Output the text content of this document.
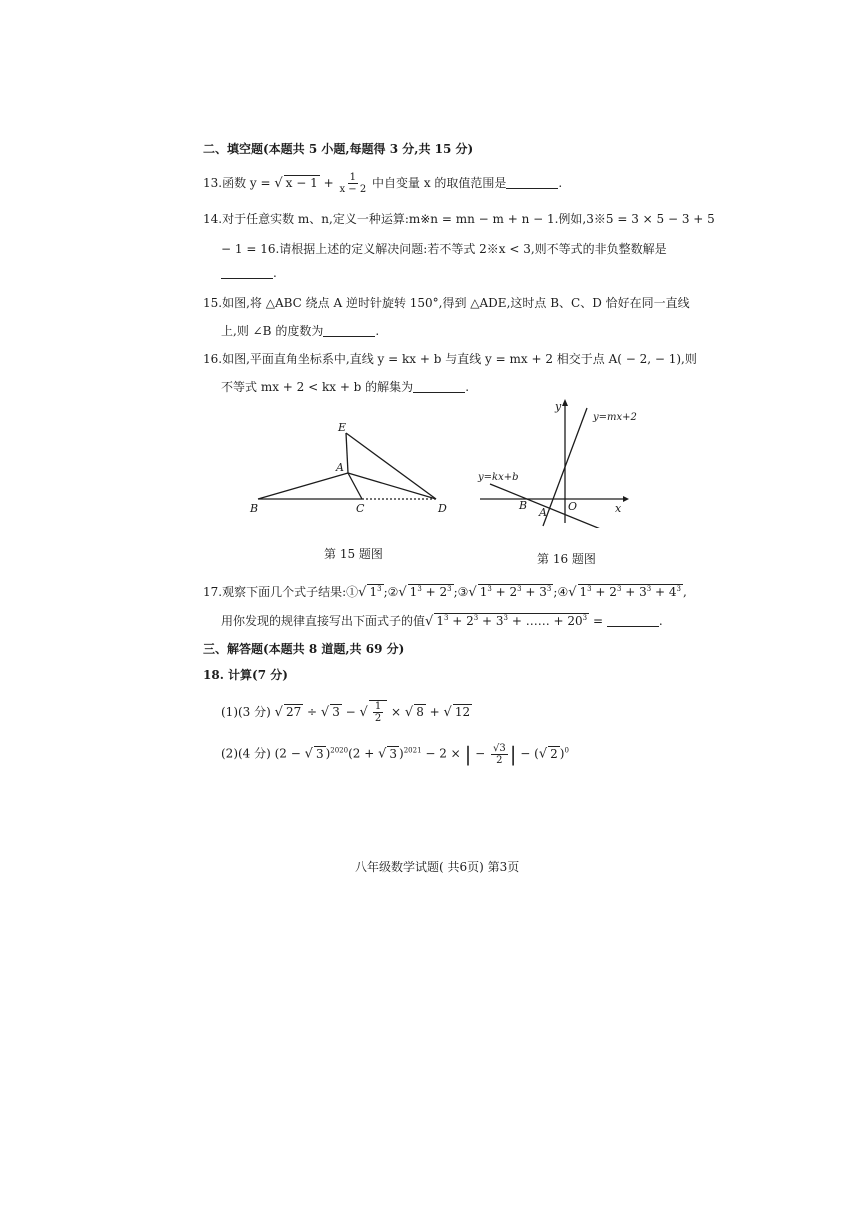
二、填空题(本题共 5 小题,每题得 3 分,共 15 分)
13.函数 y = √ $x - 1 + \frac{1}{x - 2}$ 中自变量 x 的取值范围是	.
14.对于任意实数 m、n,定义一种运算:m※n = mn − m + n − 1.例如,3※5 = 3 × 5 − 3 + 5
− 1 = 16.请根据上述的定义解决问题:若不等式 2※x < 3,则不等式的非负整数解是
.
15.如图,将 △ABC 绕点 A 逆时针旋转 150°,得到 △ADE,这时点 B、C、D 恰好在同一直线
上,则 ∠B 的度数为	.
16.如图,平面直角坐标系中,直线 y = kx + b 与直线 y = mx + 2 相交于点 A( − 2, − 1),则
不等式 mx + 2 < kx + b 的解集为	.
E
A
B	C	D
第 15 题图
y
x
O
A
B
y=mx+2
y=kx+b
第 16 题图
17.观察下面几个式子结果:①√ $1^3$ ;②√ $1^3 + 2^3$ ;③√ $1^3 + 2^3 + 3^3$ ;④√ $1^3 + 2^3 + 3^3 + 4^3$ ,
用你发现的规律直接写出下面式子的值√ $1^3 + 2^3 + 3^3$ + …… + $20^3$ =	.
三、解答题(本题共 8 道题,共 69 分)
18. 计算(7 分)
(1)(3 分) √ 27 ÷ √ 3 − √ $\frac{1}{2}$ × √ 8 + √ 12
(2)(4 分) (2 − √ 3 )$^{2020}$(2 + √ 3 )$^{2021}$ − 2 × | − $\frac{√3}{2}$ | − (√ 2 )$^0$
八年级数学试题( 共6页) 第3页
